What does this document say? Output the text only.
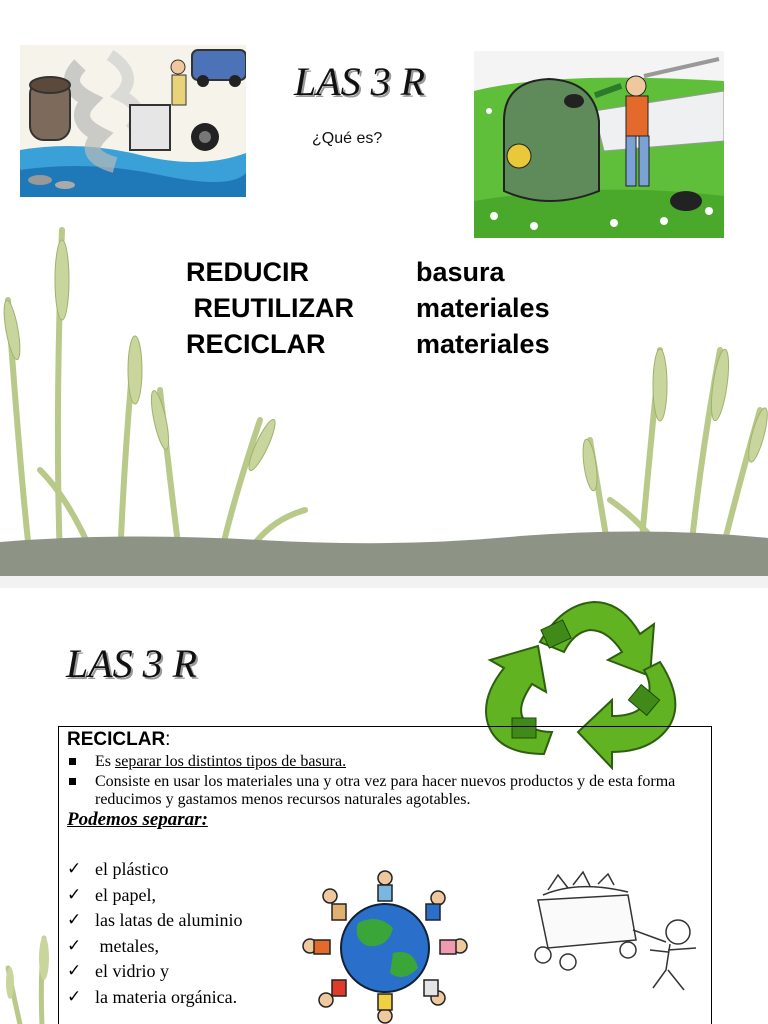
LAS 3 R
¿Qué es?
REDUCIR	basura
REUTILIZAR	materiales
RECICLAR	materiales
LAS 3 R
RECICLAR:
Es separar los distintos tipos de basura.
Consiste en usar los materiales una y otra vez para hacer nuevos productos y de esta forma reducimos y gastamos menos recursos naturales agotables.
Podemos separar:
✓ el plástico
✓ el papel,
✓ las latas de aluminio
✓ metales,
✓ el vidrio y
✓ la materia orgánica.
